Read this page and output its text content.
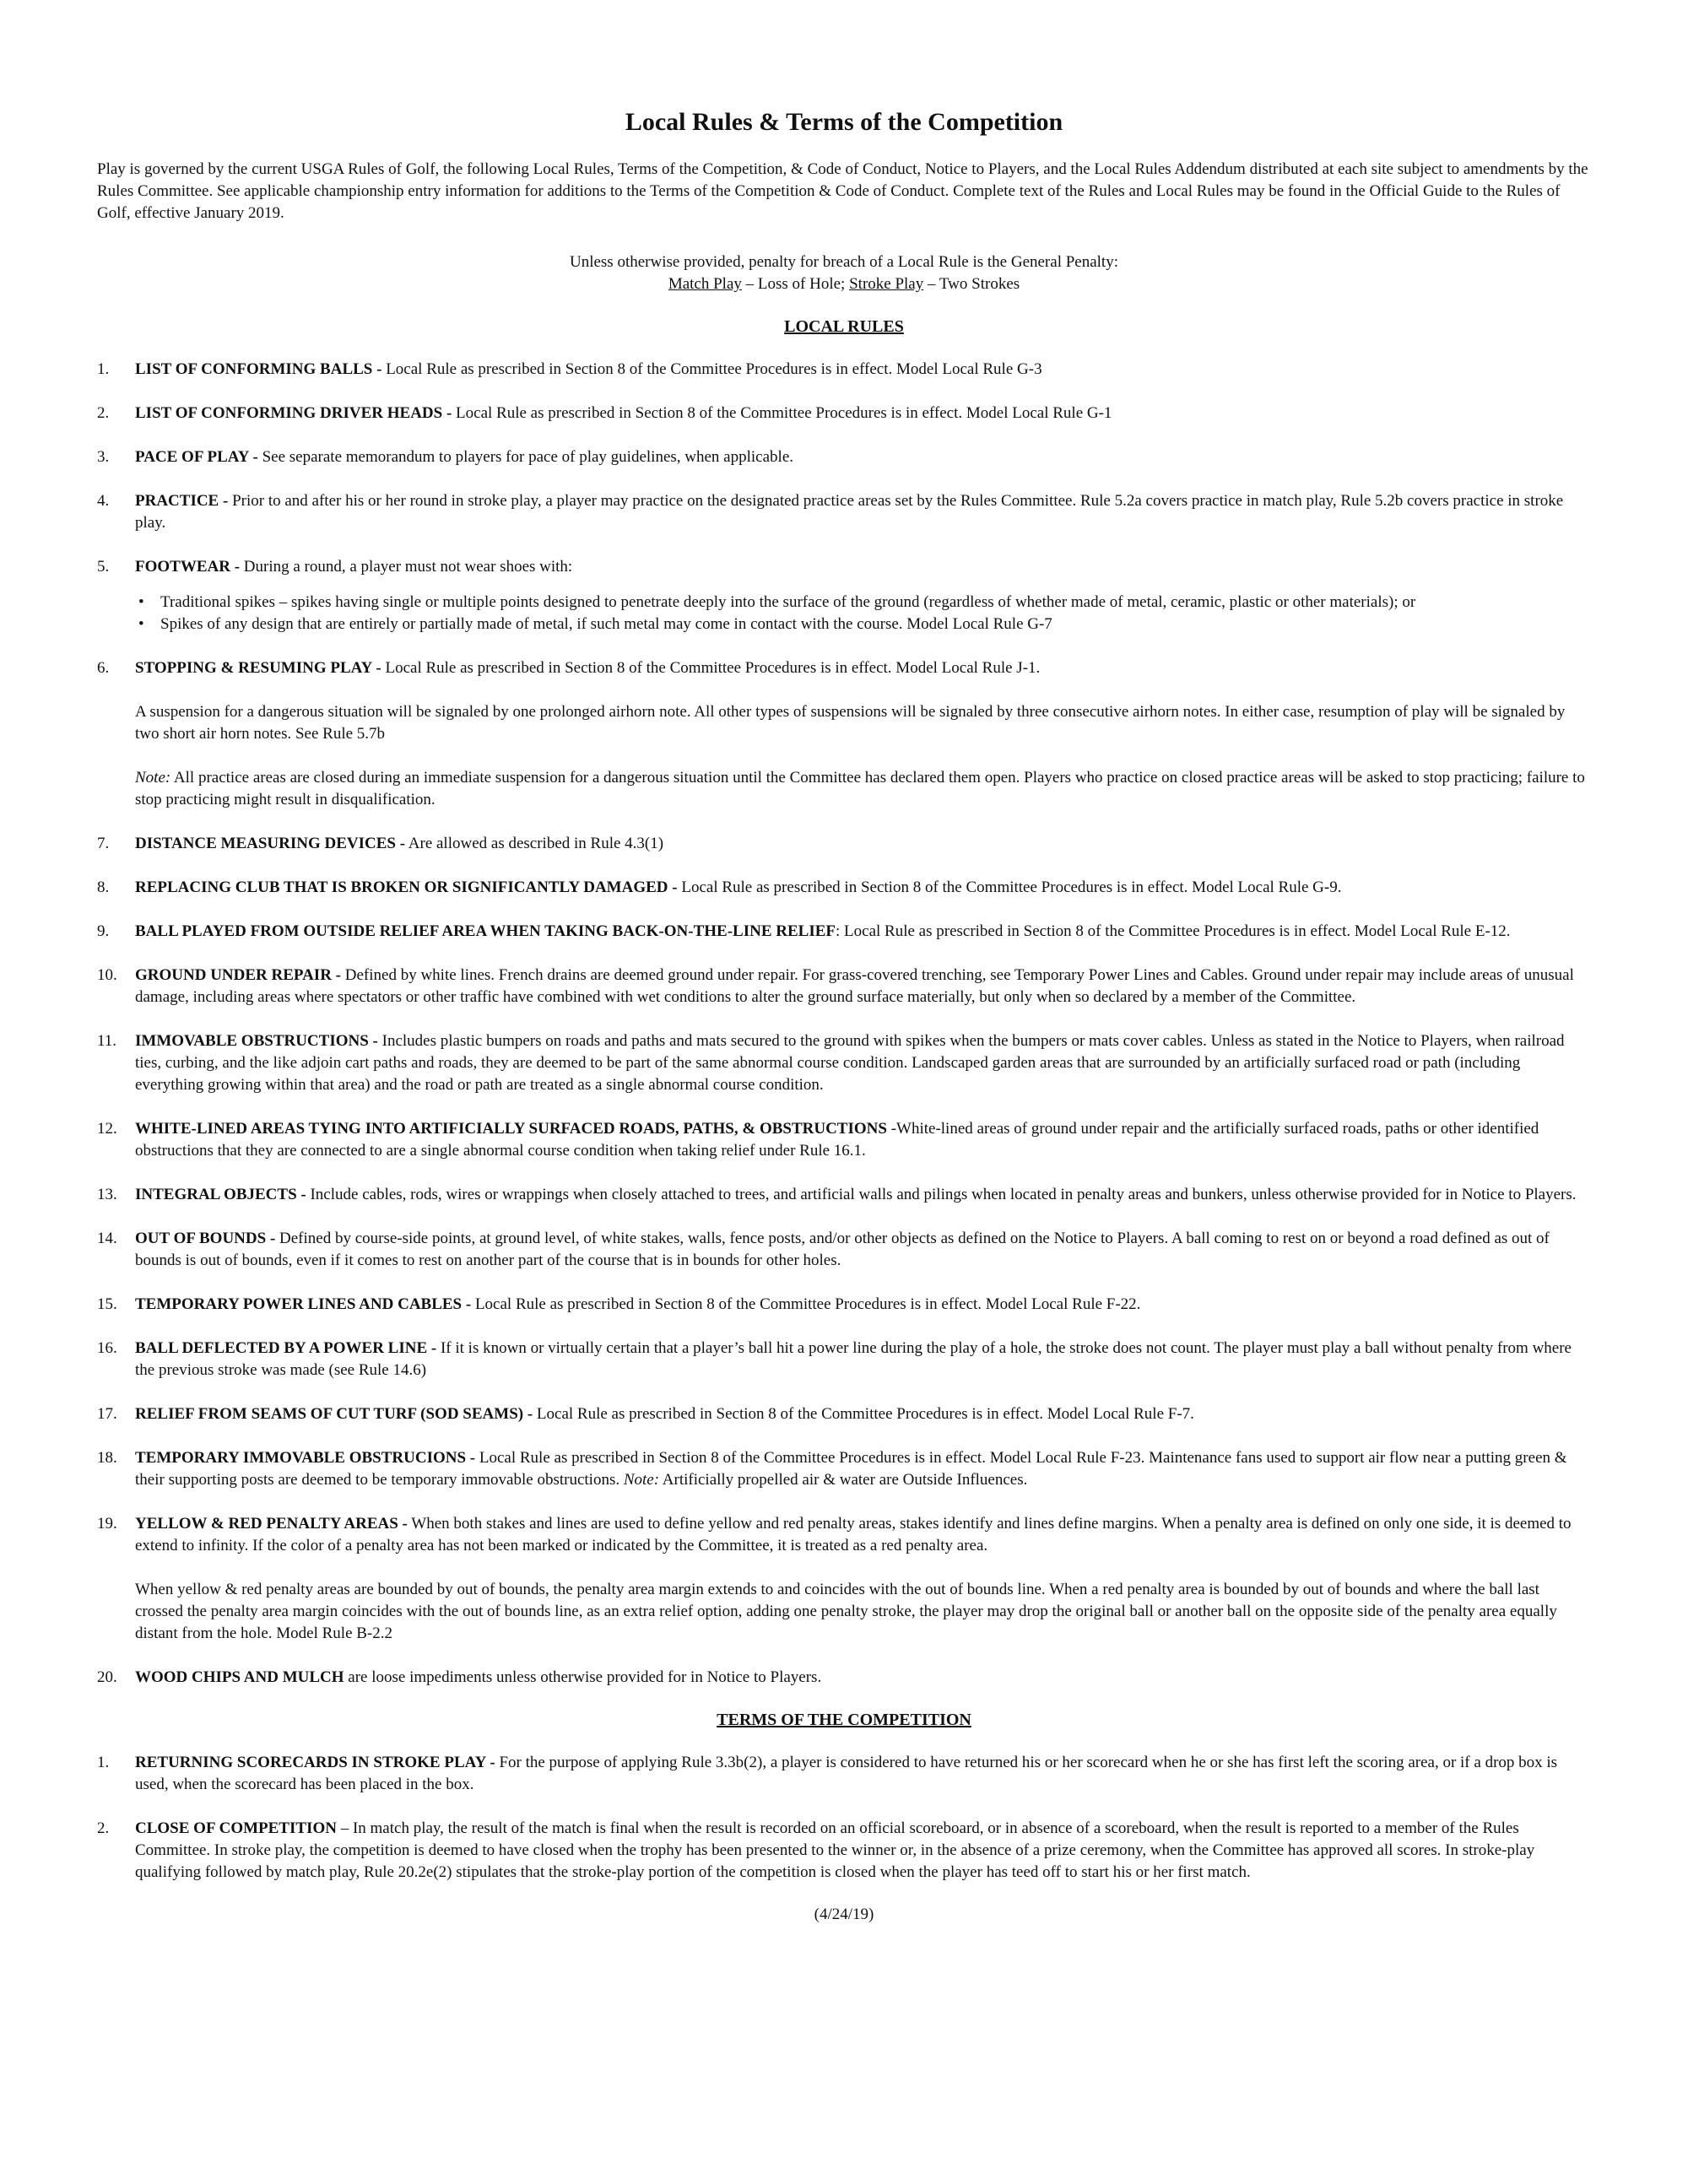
Local Rules & Terms of the Competition

Play is governed by the current USGA Rules of Golf, the following Local Rules, Terms of the Competition, & Code of Conduct, Notice to Players, and the Local Rules Addendum distributed at each site subject to amendments by the Rules Committee. See applicable championship entry information for additions to the Terms of the Competition & Code of Conduct. Complete text of the Rules and Local Rules may be found in the Official Guide to the Rules of Golf, effective January 2019.

Unless otherwise provided, penalty for breach of a Local Rule is the General Penalty:
Match Play – Loss of Hole; Stroke Play – Two Strokes
LOCAL RULES
1.	LIST OF CONFORMING BALLS - Local Rule as prescribed in Section 8 of the Committee Procedures is in effect. Model Local Rule G-3
2.	LIST OF CONFORMING DRIVER HEADS - Local Rule as prescribed in Section 8 of the Committee Procedures is in effect. Model Local Rule G-1
3.	PACE OF PLAY - See separate memorandum to players for pace of play guidelines, when applicable.
4.	PRACTICE - Prior to and after his or her round in stroke play, a player may practice on the designated practice areas set by the Rules Committee. Rule 5.2a covers practice in match play, Rule 5.2b covers practice in stroke play.
5.	FOOTWEAR - During a round, a player must not wear shoes with:
• Traditional spikes – spikes having single or multiple points designed to penetrate deeply into the surface of the ground (regardless of whether made of metal, ceramic, plastic or other materials); or
• Spikes of any design that are entirely or partially made of metal, if such metal may come in contact with the course. Model Local Rule G-7
6.	STOPPING & RESUMING PLAY - Local Rule as prescribed in Section 8 of the Committee Procedures is in effect. Model Local Rule J-1.

A suspension for a dangerous situation will be signaled by one prolonged airhorn note. All other types of suspensions will be signaled by three consecutive airhorn notes. In either case, resumption of play will be signaled by two short air horn notes. See Rule 5.7b

Note: All practice areas are closed during an immediate suspension for a dangerous situation until the Committee has declared them open. Players who practice on closed practice areas will be asked to stop practicing; failure to stop practicing might result in disqualification.

7.	DISTANCE MEASURING DEVICES - Are allowed as described in Rule 4.3(1)
8.	REPLACING CLUB THAT IS BROKEN OR SIGNIFICANTLY DAMAGED - Local Rule as prescribed in Section 8 of the Committee Procedures is in effect. Model Local Rule G-9.
9.	BALL PLAYED FROM OUTSIDE RELIEF AREA WHEN TAKING BACK-ON-THE-LINE RELIEF: Local Rule as prescribed in Section 8 of the Committee Procedures is in effect. Model Local Rule E-12.
10.	GROUND UNDER REPAIR - Defined by white lines. French drains are deemed ground under repair. For grass-covered trenching, see Temporary Power Lines and Cables. Ground under repair may include areas of unusual damage, including areas where spectators or other traffic have combined with wet conditions to alter the ground surface materially, but only when so declared by a member of the Committee.
11.	IMMOVABLE OBSTRUCTIONS - Includes plastic bumpers on roads and paths and mats secured to the ground with spikes when the bumpers or mats cover cables. Unless as stated in the Notice to Players, when railroad ties, curbing, and the like adjoin cart paths and roads, they are deemed to be part of the same abnormal course condition. Landscaped garden areas that are surrounded by an artificially surfaced road or path (including everything growing within that area) and the road or path are treated as a single abnormal course condition.
12.	WHITE-LINED AREAS TYING INTO ARTIFICIALLY SURFACED ROADS, PATHS, & OBSTRUCTIONS -White-lined areas of ground under repair and the artificially surfaced roads, paths or other identified obstructions that they are connected to are a single abnormal course condition when taking relief under Rule 16.1.
13.	INTEGRAL OBJECTS - Include cables, rods, wires or wrappings when closely attached to trees, and artificial walls and pilings when located in penalty areas and bunkers, unless otherwise provided for in Notice to Players.
14.	OUT OF BOUNDS - Defined by course-side points, at ground level, of white stakes, walls, fence posts, and/or other objects as defined on the Notice to Players. A ball coming to rest on or beyond a road defined as out of bounds is out of bounds, even if it comes to rest on another part of the course that is in bounds for other holes.
15.	TEMPORARY POWER LINES AND CABLES - Local Rule as prescribed in Section 8 of the Committee Procedures is in effect. Model Local Rule F-22.
16.	BALL DEFLECTED BY A POWER LINE - If it is known or virtually certain that a player’s ball hit a power line during the play of a hole, the stroke does not count. The player must play a ball without penalty from where the previous stroke was made (see Rule 14.6)
17.	RELIEF FROM SEAMS OF CUT TURF (SOD SEAMS) - Local Rule as prescribed in Section 8 of the Committee Procedures is in effect. Model Local Rule F-7.
18.	TEMPORARY IMMOVABLE OBSTRUCIONS - Local Rule as prescribed in Section 8 of the Committee Procedures is in effect. Model Local Rule F-23. Maintenance fans used to support air flow near a putting green & their supporting posts are deemed to be temporary immovable obstructions. Note: Artificially propelled air & water are Outside Influences.
19.	YELLOW & RED PENALTY AREAS - When both stakes and lines are used to define yellow and red penalty areas, stakes identify and lines define margins. When a penalty area is defined on only one side, it is deemed to extend to infinity. If the color of a penalty area has not been marked or indicated by the Committee, it is treated as a red penalty area.

When yellow & red penalty areas are bounded by out of bounds, the penalty area margin extends to and coincides with the out of bounds line. When a red penalty area is bounded by out of bounds and where the ball last crossed the penalty area margin coincides with the out of bounds line, as an extra relief option, adding one penalty stroke, the player may drop the original ball or another ball on the opposite side of the penalty area equally distant from the hole. Model Rule B-2.2

20.	WOOD CHIPS AND MULCH are loose impediments unless otherwise provided for in Notice to Players.
TERMS OF THE COMPETITION
1.	RETURNING SCORECARDS IN STROKE PLAY - For the purpose of applying Rule 3.3b(2), a player is considered to have returned his or her scorecard when he or she has first left the scoring area, or if a drop box is used, when the scorecard has been placed in the box.
2.	CLOSE OF COMPETITION – In match play, the result of the match is final when the result is recorded on an official scoreboard, or in absence of a scoreboard, when the result is reported to a member of the Rules Committee. In stroke play, the competition is deemed to have closed when the trophy has been presented to the winner or, in the absence of a prize ceremony, when the Committee has approved all scores. In stroke-play qualifying followed by match play, Rule 20.2e(2) stipulates that the stroke-play portion of the competition is closed when the player has teed off to start his or her first match.
(4/24/19)
